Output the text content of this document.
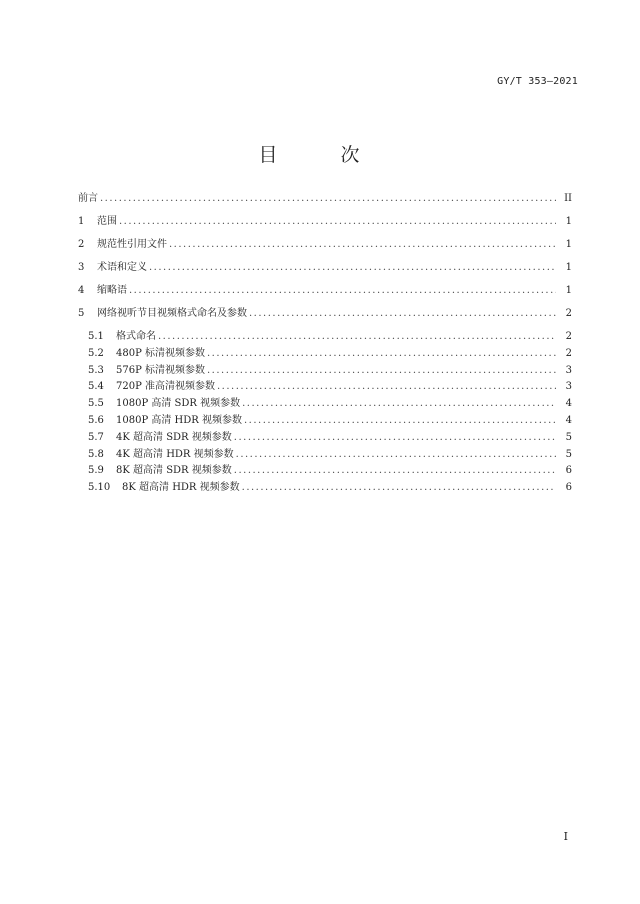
GY/T 353—2021
目　次
前言 .....	II
1	范围 .....	1
2	规范性引用文件 .....	1
3	术语和定义 .....	1
4	缩略语 .....	1
5	网络视听节目视频格式命名及参数 .....	2
5.1	格式命名 .....	2
5.2	480P 标清视频参数 .....	2
5.3	576P 标清视频参数 .....	3
5.4	720P 准高清视频参数 .....	3
5.5	1080P 高清 SDR 视频参数 .....	4
5.6	1080P 高清 HDR 视频参数 .....	4
5.7	4K 超高清 SDR 视频参数 .....	5
5.8	4K 超高清 HDR 视频参数 .....	5
5.9	8K 超高清 SDR 视频参数 .....	6
5.10	8K 超高清 HDR 视频参数 .....	6
I
